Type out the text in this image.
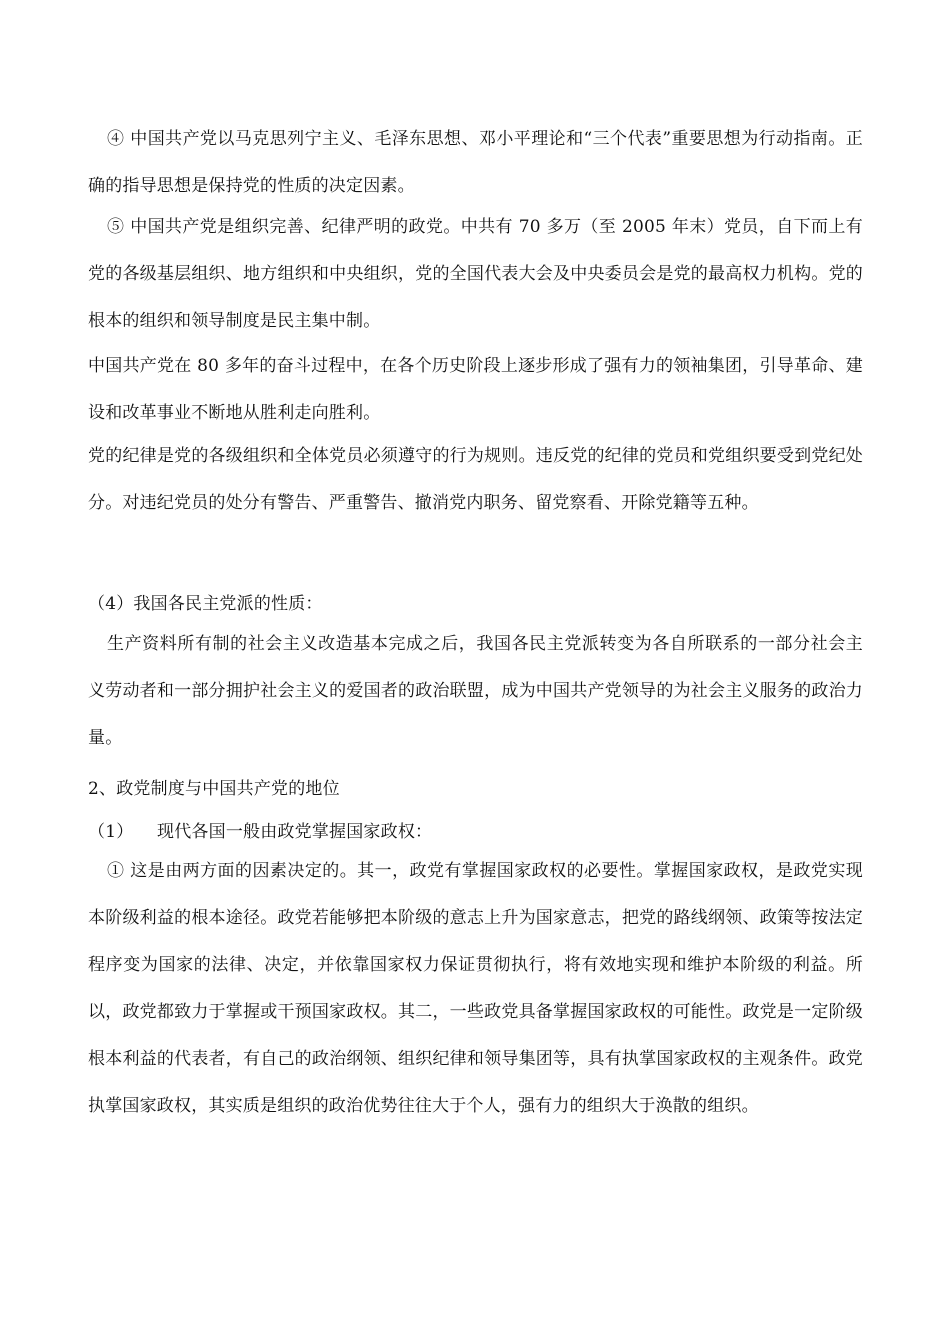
④ 中国共产党以马克思列宁主义、毛泽东思想、邓小平理论和“三个代表”重要思想为行动指南。正确的指导思想是保持党的性质的决定因素。

⑤ 中国共产党是组织完善、纪律严明的政党。中共有 70 多万（至 2005 年末）党员，自下而上有党的各级基层组织、地方组织和中央组织，党的全国代表大会及中央委员会是党的最高权力机构。党的根本的组织和领导制度是民主集中制。

中国共产党在 80 多年的奋斗过程中，在各个历史阶段上逐步形成了强有力的领袖集团，引导革命、建设和改革事业不断地从胜利走向胜利。

党的纪律是党的各级组织和全体党员必须遵守的行为规则。违反党的纪律的党员和党组织要受到党纪处分。对违纪党员的处分有警告、严重警告、撤消党内职务、留党察看、开除党籍等五种。

（4）我国各民主党派的性质：

生产资料所有制的社会主义改造基本完成之后，我国各民主党派转变为各自所联系的一部分社会主义劳动者和一部分拥护社会主义的爱国者的政治联盟，成为中国共产党领导的为社会主义服务的政治力量。

2、政党制度与中国共产党的地位

（1） 现代各国一般由政党掌握国家政权：

① 这是由两方面的因素决定的。其一，政党有掌握国家政权的必要性。掌握国家政权，是政党实现本阶级利益的根本途径。政党若能够把本阶级的意志上升为国家意志，把党的路线纲领、政策等按法定程序变为国家的法律、决定，并依靠国家权力保证贯彻执行，将有效地实现和维护本阶级的利益。所以，政党都致力于掌握或干预国家政权。其二，一些政党具备掌握国家政权的可能性。政党是一定阶级根本利益的代表者，有自己的政治纲领、组织纪律和领导集团等，具有执掌国家政权的主观条件。政党执掌国家政权，其实质是组织的政治优势往往大于个人，强有力的组织大于涣散的组织。
